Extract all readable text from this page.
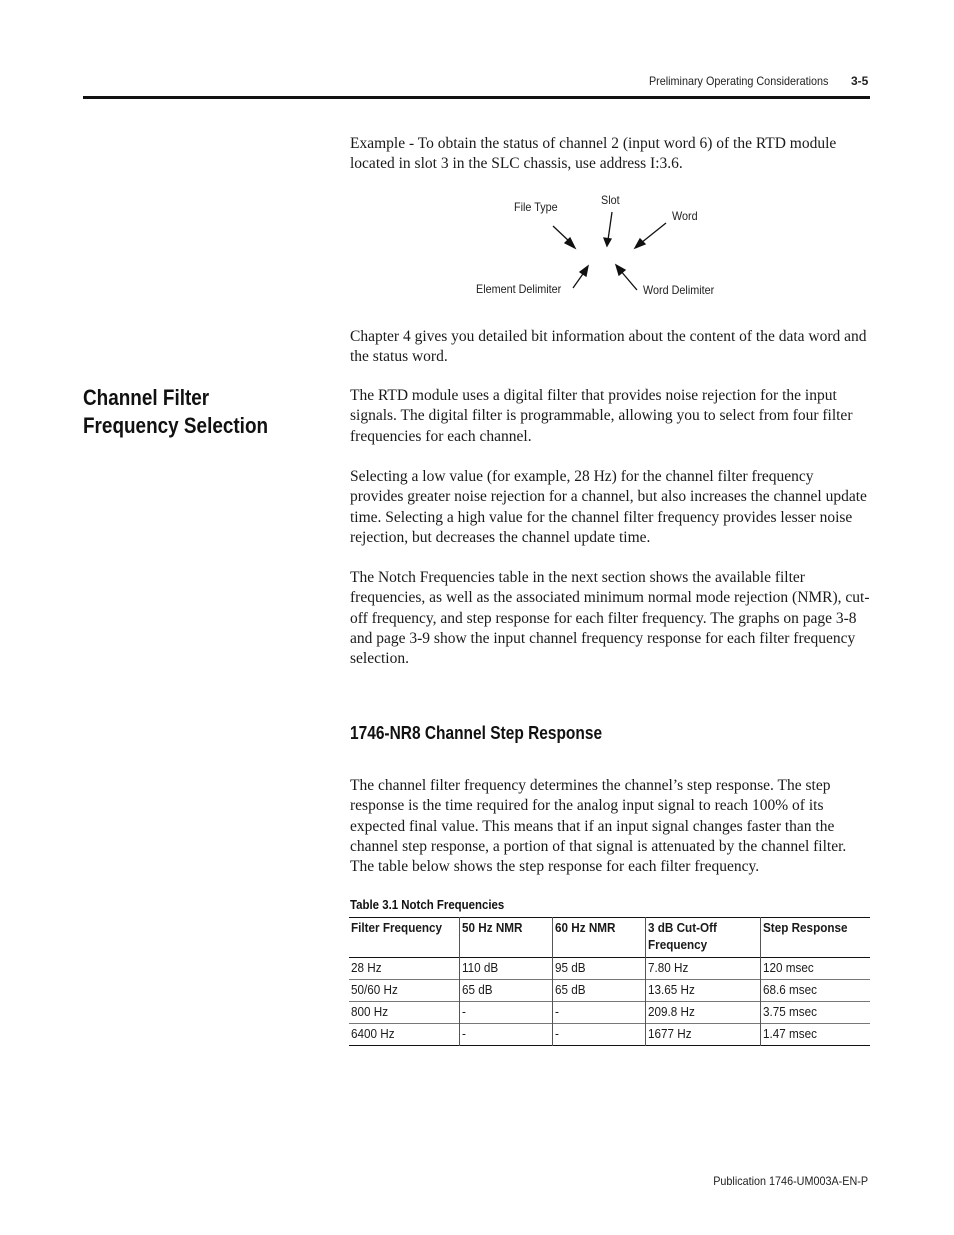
Preliminary Operating Considerations 3-5

Example - To obtain the status of channel 2 (input word 6) of the RTD module located in slot 3 in the SLC chassis, use address I:3.6.

File Type	Slot
Word
Element Delimiter	Word Delimiter

Chapter 4 gives you detailed bit information about the content of the data word and the status word.

Channel Filter Frequency Selection

The RTD module uses a digital filter that provides noise rejection for the input signals. The digital filter is programmable, allowing you to select from four filter frequencies for each channel.

Selecting a low value (for example, 28 Hz) for the channel filter frequency provides greater noise rejection for a channel, but also increases the channel update time. Selecting a high value for the channel filter frequency provides lesser noise rejection, but decreases the channel update time.

The Notch Frequencies table in the next section shows the available filter frequencies, as well as the associated minimum normal mode rejection (NMR), cut-off frequency, and step response for each filter frequency. The graphs on page 3-8 and page 3-9 show the input channel frequency response for each filter frequency selection.

1746-NR8 Channel Step Response

The channel filter frequency determines the channel’s step response. The step response is the time required for the analog input signal to reach 100% of its expected final value. This means that if an input signal changes faster than the channel step response, a portion of that signal is attenuated by the channel filter. The table below shows the step response for each filter frequency.

Table 3.1 Notch Frequencies
Filter Frequency	50 Hz NMR	60 Hz NMR	3 dB Cut-Off Frequency	Step Response
28 Hz	110 dB	95 dB	7.80 Hz	120 msec
50/60 Hz	65 dB	65 dB	13.65 Hz	68.6 msec
800 Hz	-	-	209.8 Hz	3.75 msec
6400 Hz	-	-	1677 Hz	1.47 msec
Publication 1746-UM003A-EN-P
